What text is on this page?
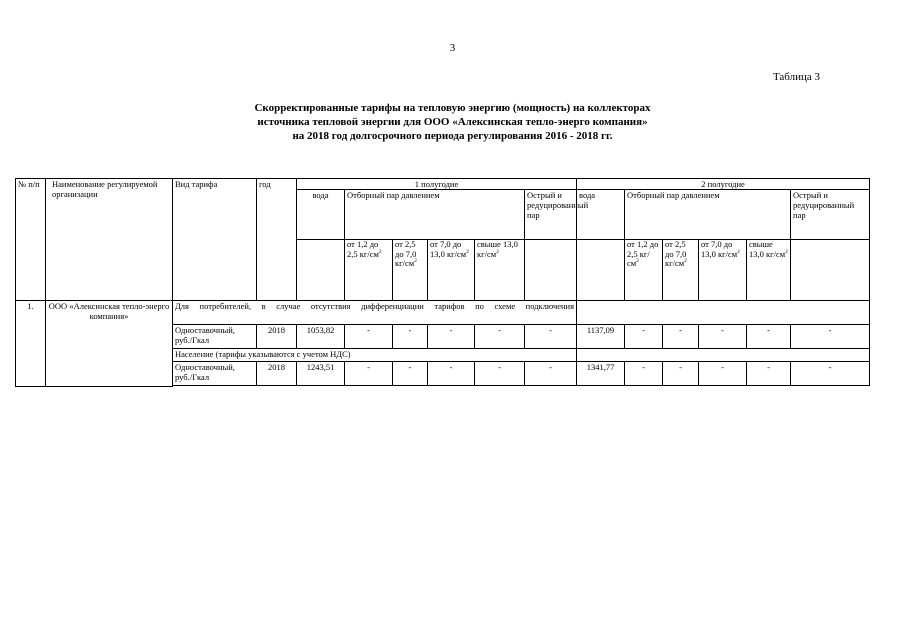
3
Таблица 3
Скорректированные тарифы на тепловую энергию (мощность) на коллекторах
источника тепловой энергии для ООО «Алексинская тепло-энерго компания»
на 2018 год долгосрочного периода регулирования 2016 - 2018 гг.
№ п/п	Наименование регулируемой организации	Вид тарифа	год	1 полугодие						2 полугодие					
				вода	Отборный пар давлением				Острый и редуцированный пар	вода	Отборный пар давлением				Острый и редуцированный пар
					от 1,2 до 2,5 $кг/см^2$	от 2,5 до 7,0 $кг/см^2$	от 7,0 до 13,0 $кг/см^2$	свыше 13,0 $кг/см^2$			от 1,2 до 2,5 $кг/см^2$	от 2,5 до 7,0 $кг/см^2$	от 7,0 до 13,0 $кг/см^2$	свыше 13,0 $кг/см^2$	
1.	ООО «Алексинская тепло-энерго компания»	Для потребителей, в случае отсутствия дифференциации тарифов по схеме подключения													
		Одноставочный, руб./Гкал	2018	1053,82	-	-	-	-	-	1137,09	-	-	-	-	-
		Население (тарифы указываются с учетом НДС)													
		Одноставочный, руб./Гкал	2018	1243,51	-	-	-	-	-	1341,77	-	-	-	-	-
